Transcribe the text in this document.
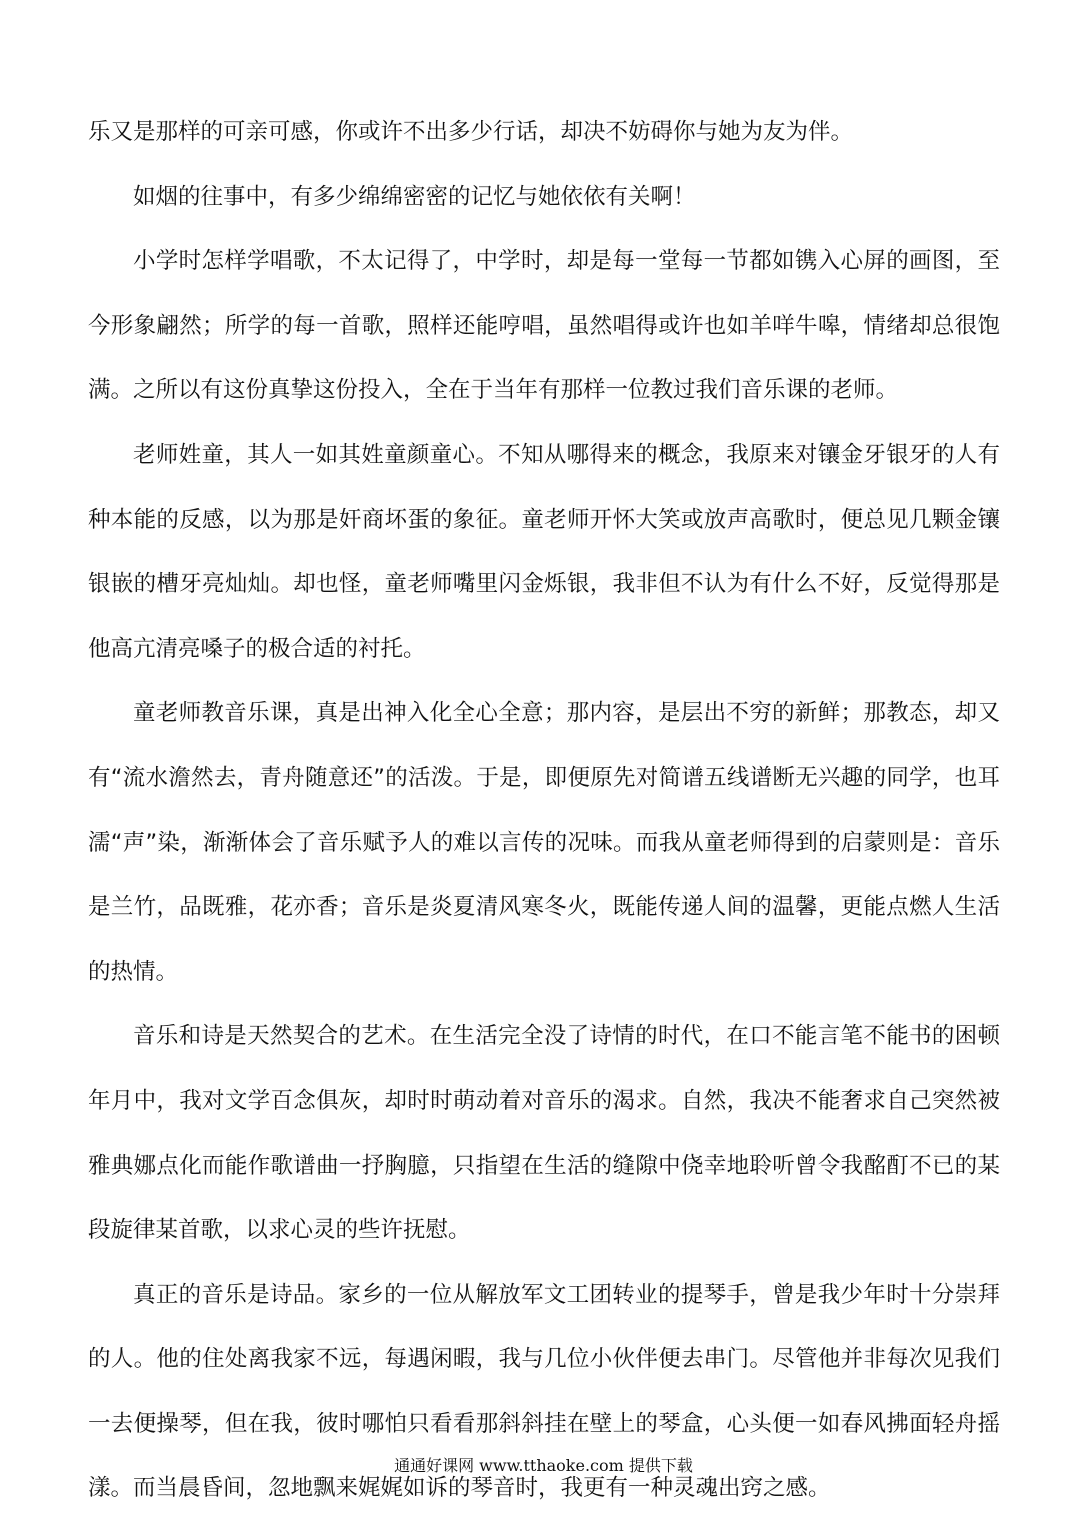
乐又是那样的可亲可感，你或许不出多少行话，却决不妨碍你与她为友为伴。

如烟的往事中，有多少绵绵密密的记忆与她依依有关啊！

小学时怎样学唱歌，不太记得了，中学时，却是每一堂每一节都如镌入心屏的画图，至今形象翩然；所学的每一首歌，照样还能哼唱，虽然唱得或许也如羊咩牛嗥，情绪却总很饱满。之所以有这份真挚这份投入，全在于当年有那样一位教过我们音乐课的老师。

老师姓童，其人一如其姓童颜童心。不知从哪得来的概念，我原来对镶金牙银牙的人有种本能的反感，以为那是奸商坏蛋的象征。童老师开怀大笑或放声高歌时，便总见几颗金镶银嵌的槽牙亮灿灿。却也怪，童老师嘴里闪金烁银，我非但不认为有什么不好，反觉得那是他高亢清亮嗓子的极合适的衬托。

童老师教音乐课，真是出神入化全心全意；那内容，是层出不穷的新鲜；那教态，却又有“流水澹然去，青舟随意还”的活泼。于是，即便原先对简谱五线谱断无兴趣的同学，也耳濡“声”染，渐渐体会了音乐赋予人的难以言传的况味。而我从童老师得到的启蒙则是：音乐是兰竹，品既雅，花亦香；音乐是炎夏清风寒冬火，既能传递人间的温馨，更能点燃人生活的热情。

音乐和诗是天然契合的艺术。在生活完全没了诗情的时代，在口不能言笔不能书的困顿年月中，我对文学百念俱灰，却时时萌动着对音乐的渴求。自然，我决不能奢求自己突然被雅典娜点化而能作歌谱曲一抒胸臆，只指望在生活的缝隙中侥幸地聆听曾令我酩酊不已的某段旋律某首歌，以求心灵的些许抚慰。

真正的音乐是诗品。家乡的一位从解放军文工团转业的提琴手，曾是我少年时十分崇拜的人。他的住处离我家不远，每遇闲暇，我与几位小伙伴便去串门。尽管他并非每次见我们一去便操琴，但在我，彼时哪怕只看看那斜斜挂在壁上的琴盒，心头便一如春风拂面轻舟摇漾。而当晨昏间，忽地飘来娓娓如诉的琴音时，我更有一种灵魂出窍之感。

通通好课网 www.tthaoke.com 提供下载
